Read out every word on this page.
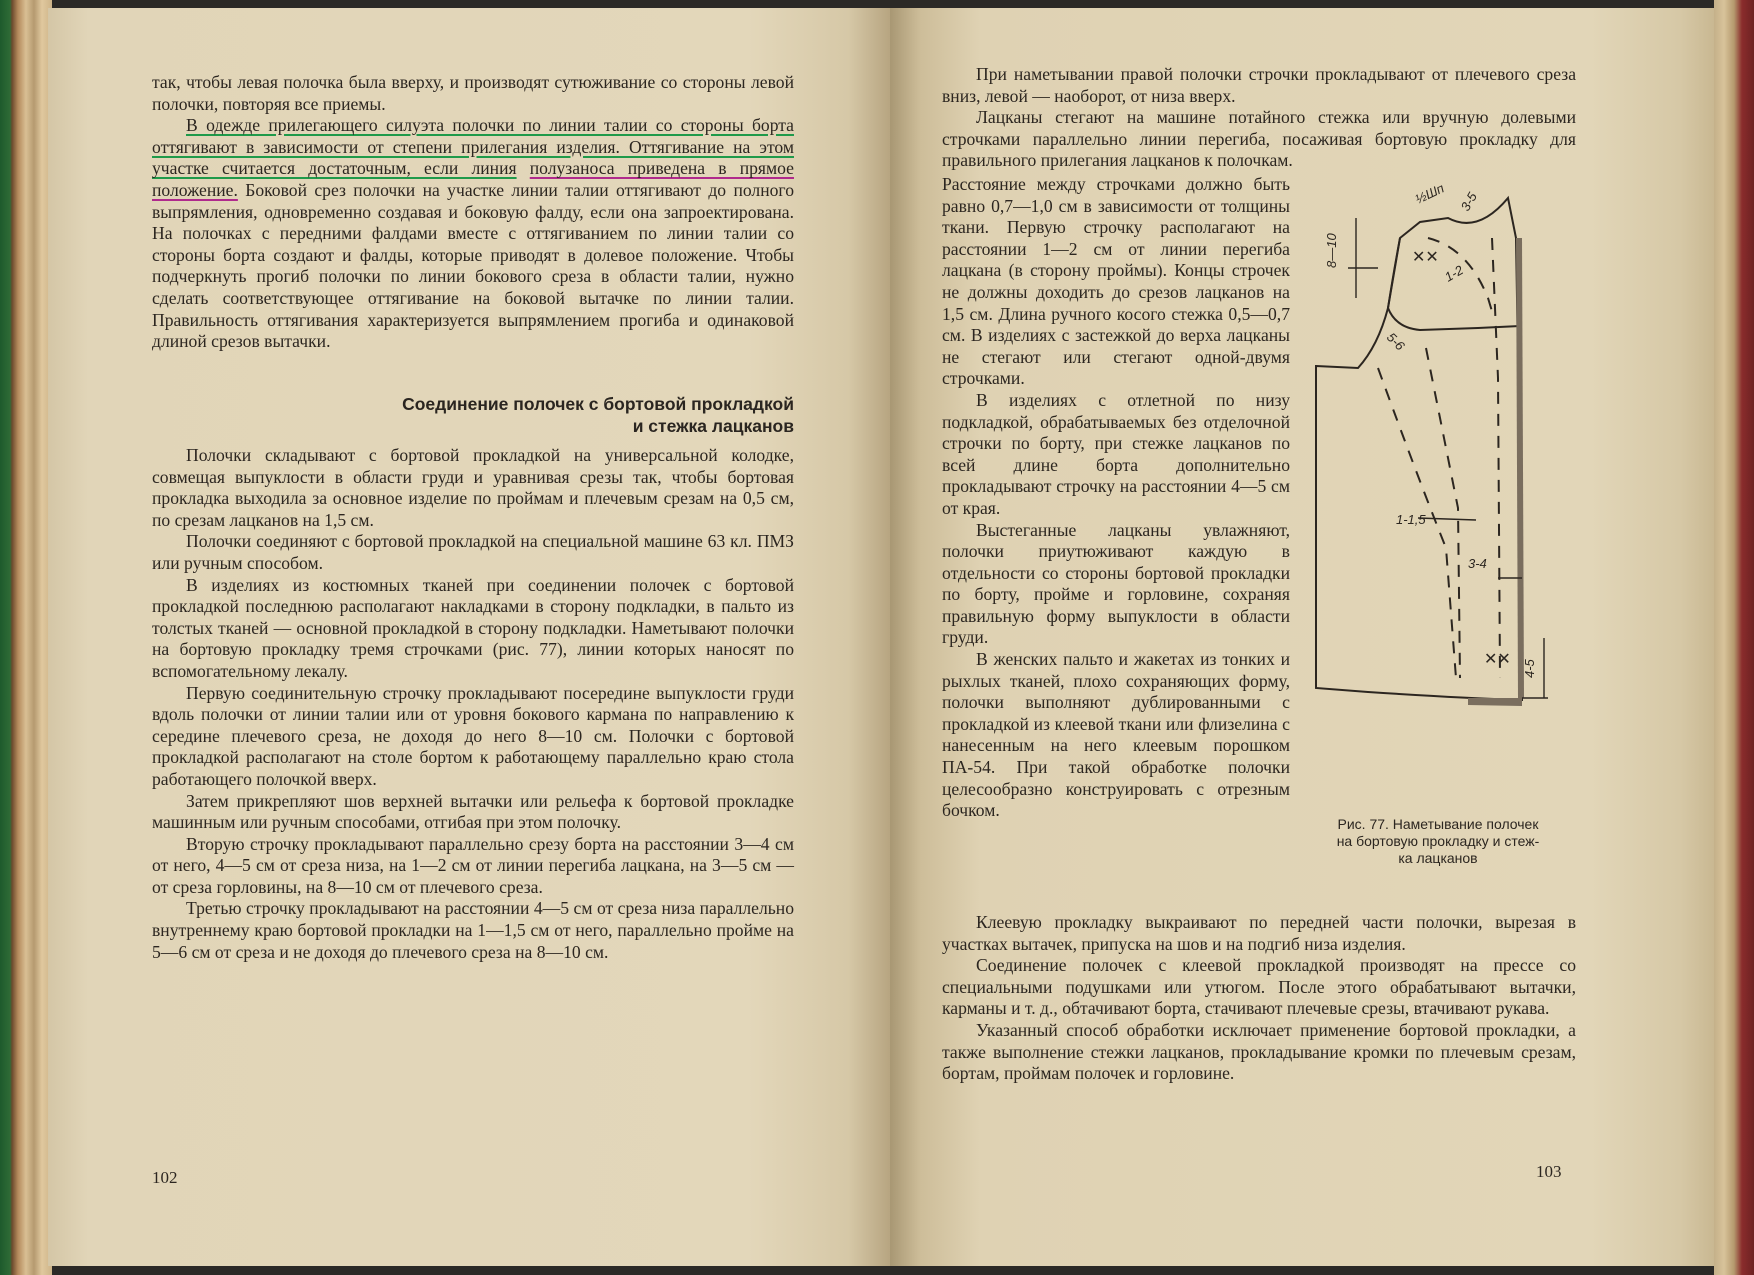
так, чтобы левая полочка была вверху, и производят сутюживание со стороны левой полочки, повторяя все приемы.

В одежде прилегающего силуэта полочки по линии талии со стороны борта оттягивают в зависимости от степени прилегания изделия. Оттягивание на этом участке считается достаточным, если линия полузаноса приведена в прямое положение. Боковой срез полочки на участке линии талии оттягивают до полного выпрямления, одновременно создавая и боковую фалду, если она запроектирована. На полочках с передними фалдами вместе с оттягиванием по линии талии со стороны борта создают и фалды, которые приводят в долевое положение. Чтобы подчеркнуть прогиб полочки по линии бокового среза в области талии, нужно сделать соответствующее оттягивание на боковой вытачке по линии талии. Правильность оттягивания характеризуется выпрямлением прогиба и одинаковой длиной срезов вытачки.

Соединение полочек с бортовой прокладкой
и стежка лацканов

Полочки складывают с бортовой прокладкой на универсальной колодке, совмещая выпуклости в области груди и уравнивая срезы так, чтобы бортовая прокладка выходила за основное изделие по проймам и плечевым срезам на 0,5 см, по срезам лацканов на 1,5 см.

Полочки соединяют с бортовой прокладкой на специальной машине 63 кл. ПМЗ или ручным способом.

В изделиях из костюмных тканей при соединении полочек с бортовой прокладкой последнюю располагают накладками в сторону подкладки, в пальто из толстых тканей — основной прокладкой в сторону подкладки. Наметывают полочки на бортовую прокладку тремя строчками (рис. 77), линии которых наносят по вспомогательному лекалу.

Первую соединительную строчку прокладывают посередине выпуклости груди вдоль полочки от линии талии или от уровня бокового кармана по направлению к середине плечевого среза, не доходя до него 8—10 см. Полочки с бортовой прокладкой располагают на столе бортом к работающему параллельно краю стола работающего полочкой вверх.

Затем прикрепляют шов верхней вытачки или рельефа к бортовой прокладке машинным или ручным способами, отгибая при этом полочку.

Вторую строчку прокладывают параллельно срезу борта на расстоянии 3—4 см от него, 4—5 см от среза низа, на 1—2 см от линии перегиба лацкана, на 3—5 см — от среза горловины, на 8—10 см от плечевого среза.

Третью строчку прокладывают на расстоянии 4—5 см от среза низа параллельно внутреннему краю бортовой прокладки на 1—1,5 см от него, параллельно пройме на 5—6 см от среза и не доходя до плечевого среза на 8—10 см.

102

При наметывании правой полочки строчки прокладывают от плечевого среза вниз, левой — наоборот, от низа вверх.

Лацканы стегают на машине потайного стежка или вручную долевыми строчками параллельно линии перегиба, посаживая бортовую прокладку для правильного прилегания лацканов к полочкам.

Расстояние между строчками должно быть равно 0,7—1,0 см в зависимости от толщины ткани. Первую строчку располагают на расстоянии 1—2 см от линии перегиба лацкана (в сторону проймы). Концы строчек не должны доходить до срезов лацканов на 1,5 см. Длина ручного косого стежка 0,5—0,7 см. В изделиях с застежкой до верха лацканы не стегают или стегают одной-двумя строчками.

В изделиях с отлетной по низу подкладкой, обрабатываемых без отделочной строчки по борту, при стежке лацканов по всей длине борта дополнительно прокладывают строчку на расстоянии 4—5 см от края.

Выстеганные лацканы увлажняют, полочки приутюживают каждую в отдельности со стороны бортовой прокладки по борту, пройме и горловине, сохраняя правильную форму выпуклости в области груди.

В женских пальто и жакетах из тонких и рыхлых тканей, плохо сохраняющих форму, полочки выполняют дублированными с прокладкой из клеевой ткани или флизелина с нанесенным на него клеевым порошком ПА-54. При такой обработке полочки целесообразно конструировать с отрезным бочком.

8—10
½Шп 3-5
1-2
5-6
1-1,5
3-4
4-5
✕✕
✕✕
Рис. 77. Наметывание полочек
на бортовую прокладку и стеж-
ка лацканов

Клеевую прокладку выкраивают по передней части полочки, вырезая в участках вытачек, припуска на шов и на подгиб низа изделия.

Соединение полочек с клеевой прокладкой производят на прессе со специальными подушками или утюгом. После этого обрабатывают вытачки, карманы и т. д., обтачивают борта, стачивают плечевые срезы, втачивают рукава.

Указанный способ обработки исключает применение бортовой прокладки, а также выполнение стежки лацканов, прокладывание кромки по плечевым срезам, бортам, проймам полочек и горловине.

103
